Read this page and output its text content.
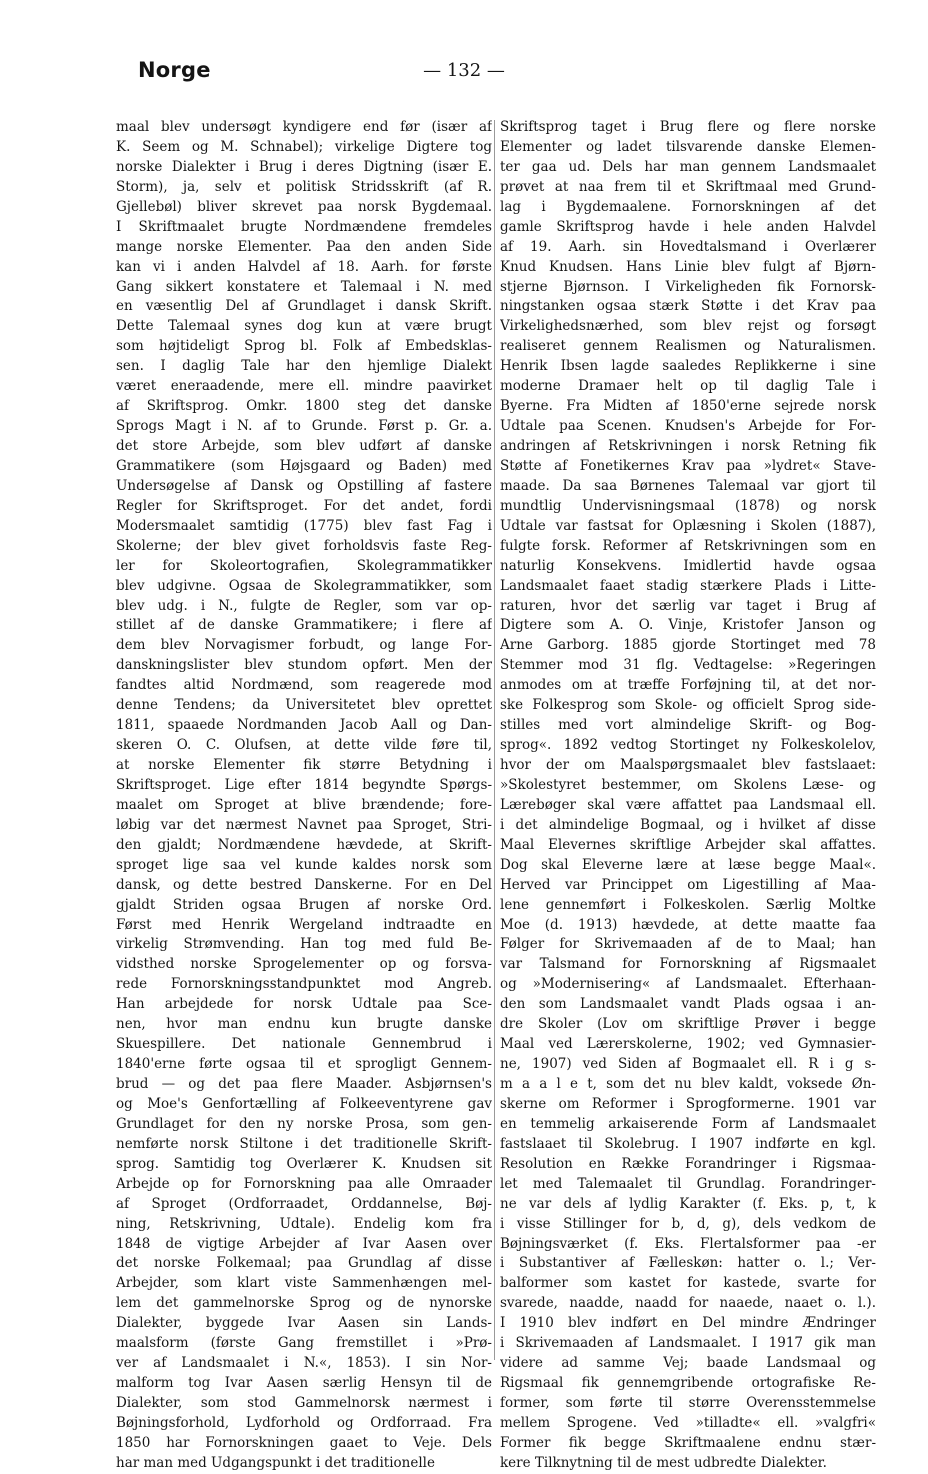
Norge	— 132 —
maal blev undersøgt kyndigere end før (især af
K. Seem og M. Schnabel); virkelige Digtere tog
norske Dialekter i Brug i deres Digtning (især E.
Storm), ja, selv et politisk Stridsskrift (af R.
Gjellebøl) bliver skrevet paa norsk Bygdemaal.
I Skriftmaalet brugte Nordmændene fremdeles
mange norske Elementer. Paa den anden Side
kan vi i anden Halvdel af 18. Aarh. for første
Gang sikkert konstatere et Talemaal i N. med
en væsentlig Del af Grundlaget i dansk Skrift.
Dette Talemaal synes dog kun at være brugt
som højtideligt Sprog bl. Folk af Embedsklas-
sen. I daglig Tale har den hjemlige Dialekt
været eneraadende, mere ell. mindre paavirket
af Skriftsprog. Omkr. 1800 steg det danske
Sprogs Magt i N. af to Grunde. Først p. Gr. a.
det store Arbejde, som blev udført af danske
Grammatikere (som Højsgaard og Baden) med
Undersøgelse af Dansk og Opstilling af fastere
Regler for Skriftsproget. For det andet, fordi
Modersmaalet samtidig (1775) blev fast Fag i
Skolerne; der blev givet forholdsvis faste Reg-
ler for Skoleortografien, Skolegrammatikker
blev udgivne. Ogsaa de Skolegrammatikker, som
blev udg. i N., fulgte de Regler, som var op-
stillet af de danske Grammatikere; i flere af
dem blev Norvagismer forbudt, og lange For-
danskningslister blev stundom opført. Men der
fandtes altid Nordmænd, som reagerede mod
denne Tendens; da Universitetet blev oprettet
1811, spaaede Nordmanden Jacob Aall og Dan-
skeren O. C. Olufsen, at dette vilde føre til,
at norske Elementer fik større Betydning i
Skriftsproget. Lige efter 1814 begyndte Spørgs-
maalet om Sproget at blive brændende; fore-
løbig var det nærmest Navnet paa Sproget, Stri-
den gjaldt; Nordmændene hævdede, at Skrift-
sproget lige saa vel kunde kaldes norsk som
dansk, og dette bestred Danskerne. For en Del
gjaldt Striden ogsaa Brugen af norske Ord.
Først med Henrik Wergeland indtraadte en
virkelig Strømvending. Han tog med fuld Be-
vidsthed norske Sprogelementer op og forsva-
rede Fornorskningsstandpunktet mod Angreb.
Han arbejdede for norsk Udtale paa Sce-
nen, hvor man endnu kun brugte danske
Skuespillere. Det nationale Gennembrud i
1840'erne førte ogsaa til et sprogligt Gennem-
brud — og det paa flere Maader. Asbjørnsen's
og Moe's Genfortælling af Folkeeventyrene gav
Grundlaget for den ny norske Prosa, som gen-
nemførte norsk Stiltone i det traditionelle Skrift-
sprog. Samtidig tog Overlærer K. Knudsen sit
Arbejde op for Fornorskning paa alle Omraader
af Sproget (Ordforraadet, Orddannelse, Bøj-
ning, Retskrivning, Udtale). Endelig kom fra
1848 de vigtige Arbejder af Ivar Aasen over
det norske Folkemaal; paa Grundlag af disse
Arbejder, som klart viste Sammenhængen mel-
lem det gammelnorske Sprog og de nynorske
Dialekter, byggede Ivar Aasen sin Lands-
maalsform (første Gang fremstillet i »Prø-
ver af Landsmaalet i N.«, 1853). I sin Nor-
malform tog Ivar Aasen særlig Hensyn til de
Dialekter, som stod Gammelnorsk nærmest i
Bøjningsforhold, Lydforhold og Ordforraad. Fra
1850 har Fornorskningen gaaet to Veje. Dels
har man med Udgangspunkt i det traditionelle
Skriftsprog taget i Brug flere og flere norske
Elementer og ladet tilsvarende danske Elemen-
ter gaa ud. Dels har man gennem Landsmaalet
prøvet at naa frem til et Skriftmaal med Grund-
lag i Bygdemaalene. Fornorskningen af det
gamle Skriftsprog havde i hele anden Halvdel
af 19. Aarh. sin Hovedtalsmand i Overlærer
Knud Knudsen. Hans Linie blev fulgt af Bjørn-
stjerne Bjørnson. I Virkeligheden fik Fornorsk-
ningstanken ogsaa stærk Støtte i det Krav paa
Virkelighedsnærhed, som blev rejst og forsøgt
realiseret gennem Realismen og Naturalismen.
Henrik Ibsen lagde saaledes Replikkerne i sine
moderne Dramaer helt op til daglig Tale i
Byerne. Fra Midten af 1850'erne sejrede norsk
Udtale paa Scenen. Knudsen's Arbejde for For-
andringen af Retskrivningen i norsk Retning fik
Støtte af Fonetikernes Krav paa »lydret« Stave-
maade. Da saa Børnenes Talemaal var gjort til
mundtlig Undervisningsmaal (1878) og norsk
Udtale var fastsat for Oplæsning i Skolen (1887),
fulgte forsk. Reformer af Retskrivningen som en
naturlig Konsekvens. Imidlertid havde ogsaa
Landsmaalet faaet stadig stærkere Plads i Litte-
raturen, hvor det særlig var taget i Brug af
Digtere som A. O. Vinje, Kristofer Janson og
Arne Garborg. 1885 gjorde Stortinget med 78
Stemmer mod 31 flg. Vedtagelse: »Regeringen
anmodes om at træffe Forføjning til, at det nor-
ske Folkesprog som Skole- og officielt Sprog side-
stilles med vort almindelige Skrift- og Bog-
sprog«. 1892 vedtog Stortinget ny Folkeskolelov,
hvor der om Maalspørgsmaalet blev fastslaaet:
»Skolestyret bestemmer, om Skolens Læse- og
Lærebøger skal være affattet paa Landsmaal ell.
i det almindelige Bogmaal, og i hvilket af disse
Maal Elevernes skriftlige Arbejder skal affattes.
Dog skal Eleverne lære at læse begge Maal«.
Herved var Princippet om Ligestilling af Maa-
lene gennemført i Folkeskolen. Særlig Moltke
Moe (d. 1913) hævdede, at dette maatte faa
Følger for Skrivemaaden af de to Maal; han
var Talsmand for Fornorskning af Rigsmaalet
og »Modernisering« af Landsmaalet. Efterhaan-
den som Landsmaalet vandt Plads ogsaa i an-
dre Skoler (Lov om skriftlige Prøver i begge
Maal ved Lærerskolerne, 1902; ved Gymnasier-
ne, 1907) ved Siden af Bogmaalet ell. R i g s-
m a a l e t, som det nu blev kaldt, voksede Øn-
skerne om Reformer i Sprogformerne. 1901 var
en temmelig arkaiserende Form af Landsmaalet
fastslaaet til Skolebrug. I 1907 indførte en kgl.
Resolution en Række Forandringer i Rigsmaa-
let med Talemaalet til Grundlag. Forandringer-
ne var dels af lydlig Karakter (f. Eks. p, t, k
i visse Stillinger for b, d, g), dels vedkom de
Bøjningsværket (f. Eks. Flertalsformer paa -er
i Substantiver af Fælleskøn: hatter o. l.; Ver-
balformer som kastet for kastede, svarte for
svarede, naadde, naadd for naaede, naaet o. l.).
I 1910 blev indført en Del mindre Ændringer
i Skrivemaaden af Landsmaalet. I 1917 gik man
videre ad samme Vej; baade Landsmaal og
Rigsmaal fik gennemgribende ortografiske Re-
former, som førte til større Overensstemmelse
mellem Sprogene. Ved »tilladte« ell. »valgfri«
Former fik begge Skriftmaalene endnu stær-
kere Tilknytning til de mest udbredte Dialekter.
